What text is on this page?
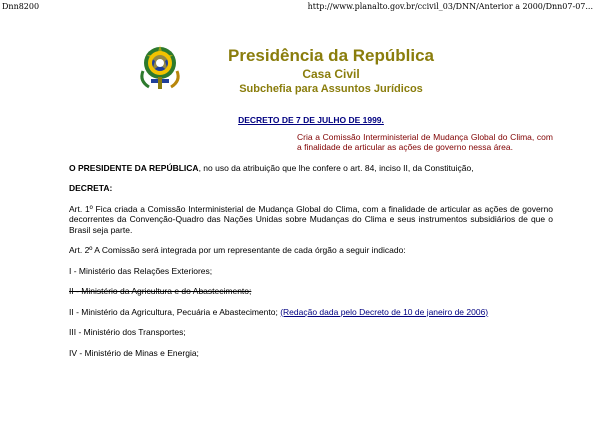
Dnn8200	http://www.planalto.gov.br/ccivil_03/DNN/Anterior a 2000/Dnn07-07...
Presidência da República
Casa Civil
Subchefia para Assuntos Jurídicos
DECRETO DE 7 DE JULHO DE 1999.
Cria a Comissão Interministerial de Mudança Global do Clima, com a finalidade de articular as ações de governo nessa área.
O PRESIDENTE DA REPÚBLICA, no uso da atribuição que lhe confere o art. 84, inciso II, da Constituição,
DECRETA:
Art. 1º Fica criada a Comissão Interministerial de Mudança Global do Clima, com a finalidade de articular as ações de governo decorrentes da Convenção-Quadro das Nações Unidas sobre Mudanças do Clima e seus instrumentos subsidiários de que o Brasil seja parte.
Art. 2º A Comissão será integrada por um representante de cada órgão a seguir indicado:
I - Ministério das Relações Exteriores;
II - Ministério da Agricultura e do Abastecimento;
II - Ministério da Agricultura, Pecuária e Abastecimento; (Redação dada pelo Decreto de 10 de janeiro de 2006)
III - Ministério dos Transportes;
IV - Ministério de Minas e Energia;
